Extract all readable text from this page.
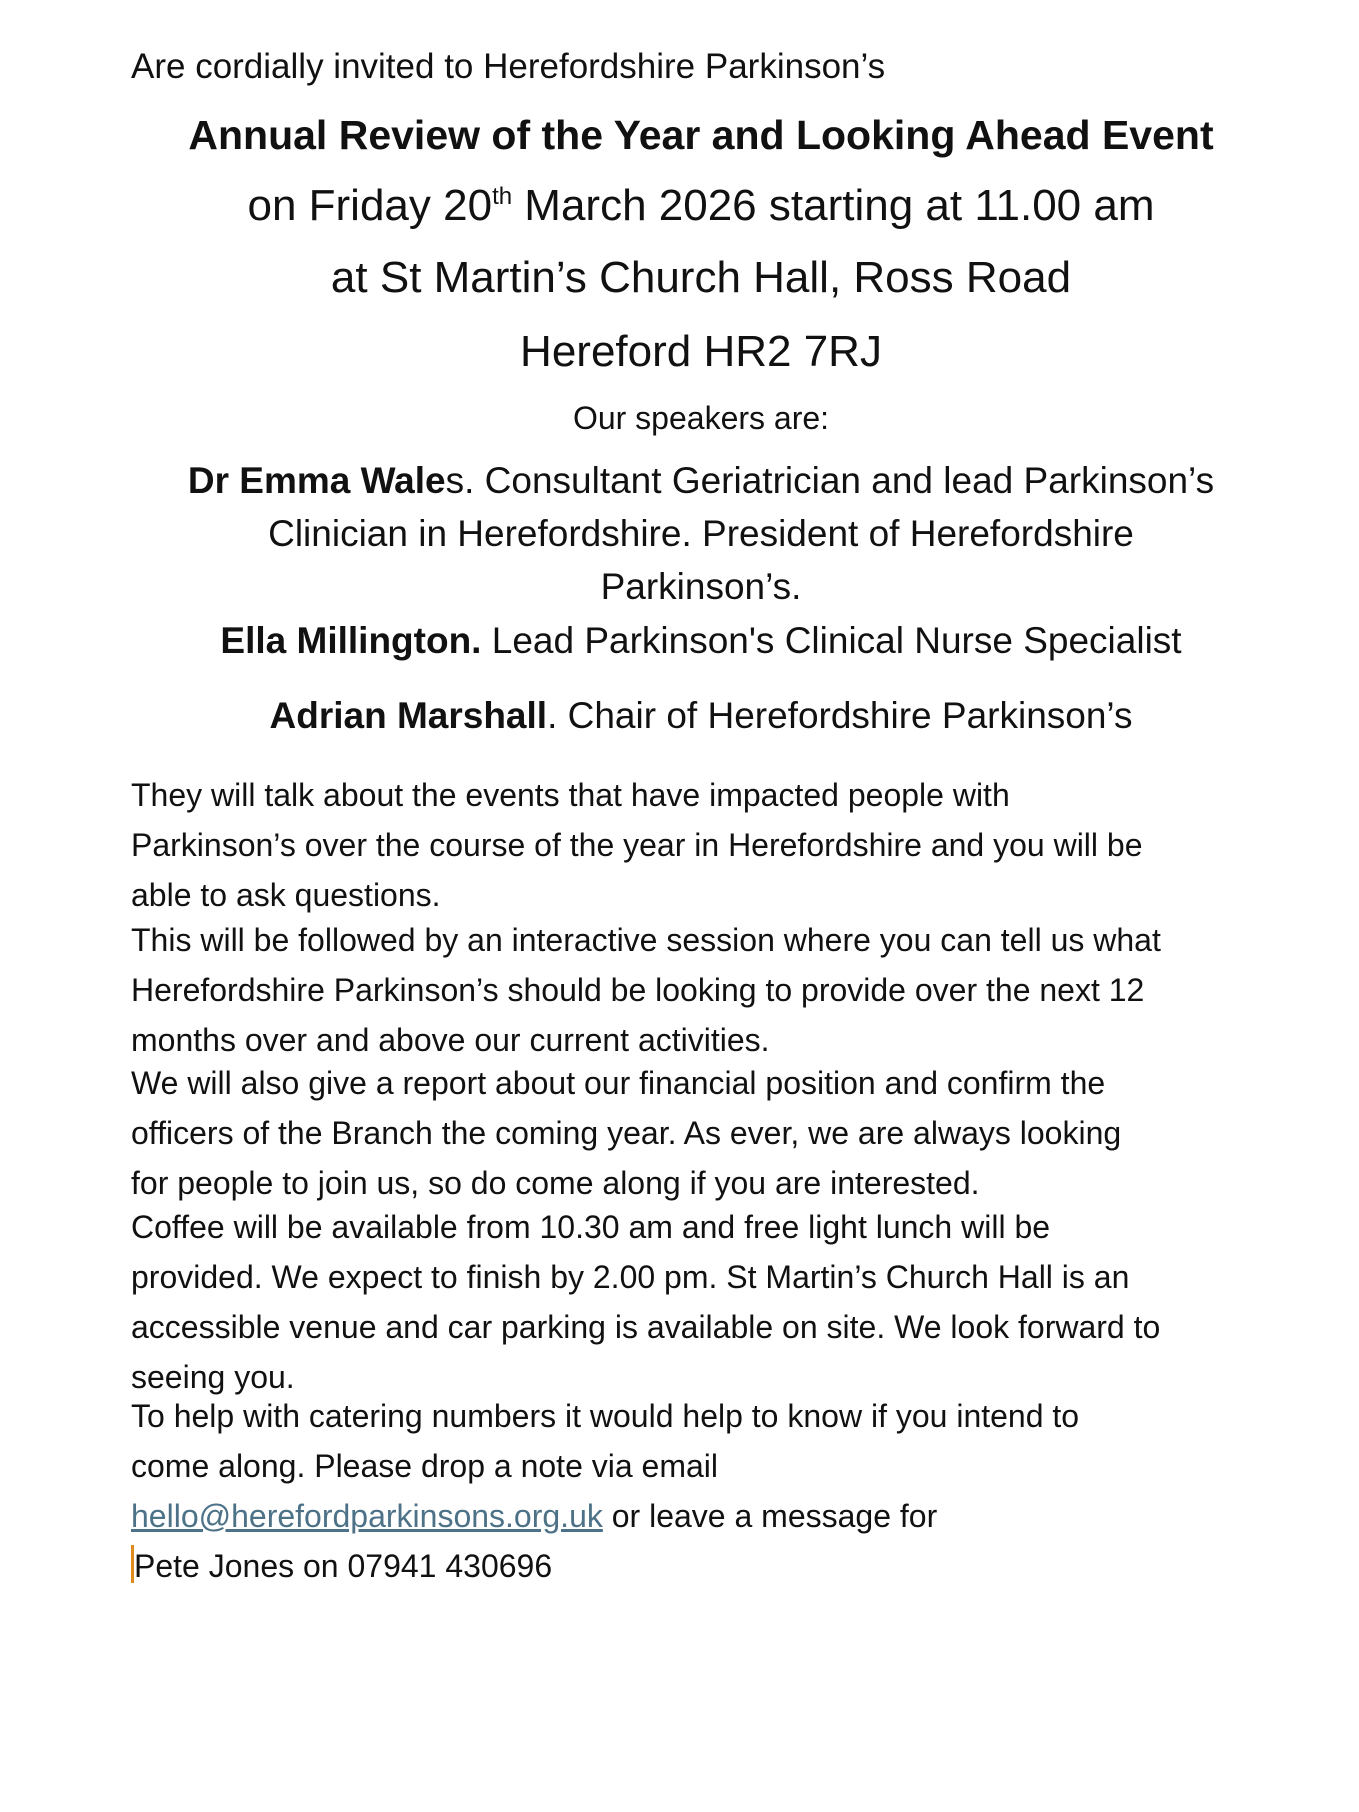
Are cordially invited to Herefordshire Parkinson’s
Annual Review of the Year and Looking Ahead Event
on Friday 20th March 2026 starting at 11.00 am
at St Martin’s Church Hall, Ross Road
Hereford HR2 7RJ
Our speakers are:
Dr Emma Wales. Consultant Geriatrician and lead Parkinson’s
Clinician in Herefordshire. President of Herefordshire
Parkinson’s.
Ella Millington. Lead Parkinson's Clinical Nurse Specialist
Adrian Marshall. Chair of Herefordshire Parkinson’s
They will talk about the events that have impacted people with
Parkinson’s over the course of the year in Herefordshire and you will be
able to ask questions.
This will be followed by an interactive session where you can tell us what
Herefordshire Parkinson’s should be looking to provide over the next 12
months over and above our current activities.
We will also give a report about our financial position and confirm the
officers of the Branch the coming year. As ever, we are always looking
for people to join us, so do come along if you are interested.
Coffee will be available from 10.30 am and free light lunch will be
provided. We expect to finish by 2.00 pm. St Martin’s Church Hall is an
accessible venue and car parking is available on site. We look forward to
seeing you.
To help with catering numbers it would help to know if you intend to
come along. Please drop a note via email
hello@herefordparkinsons.org.uk or leave a message for
Pete Jones on 07941 430696
